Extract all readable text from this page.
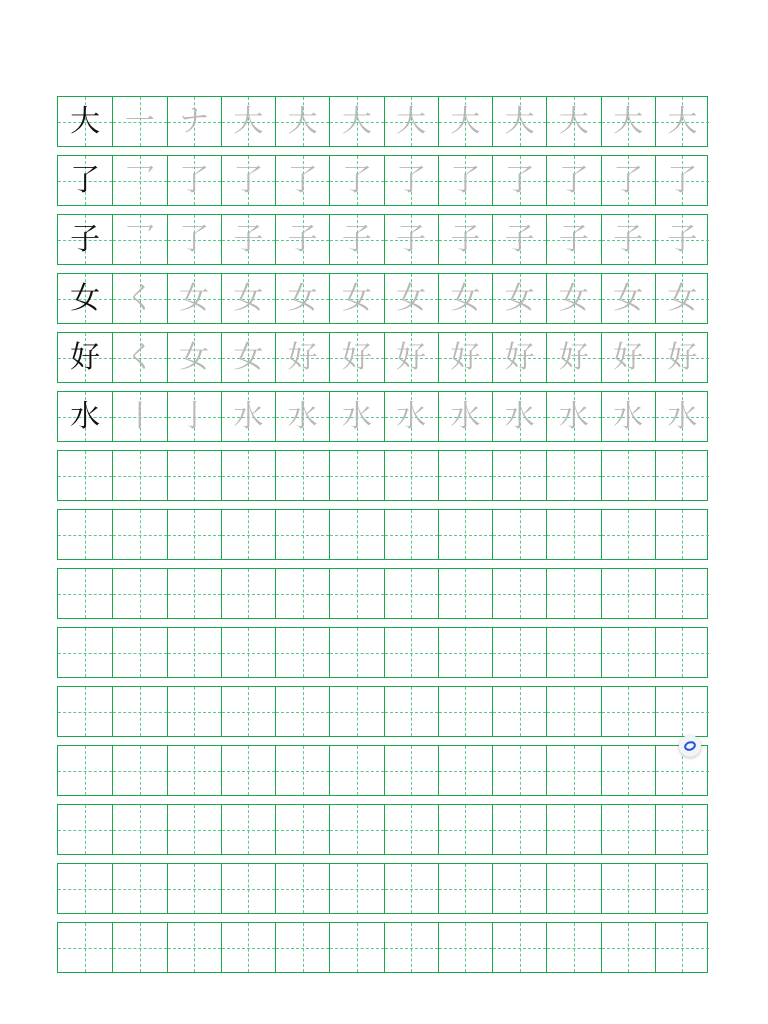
大 一 ナ 大 大 大 大 大 大 大 大 大
了 乛 了 了 了 了 了 了 了 了 了 了
子 乛 了 子 子 子 子 子 子 子 子 子
女 く 女 女 女 女 女 女 女 女 女 女
好 く 女 女 好 好 好 好 好 好 好 好
水 丨 亅 水 水 水 水 水 水 水 水 水
